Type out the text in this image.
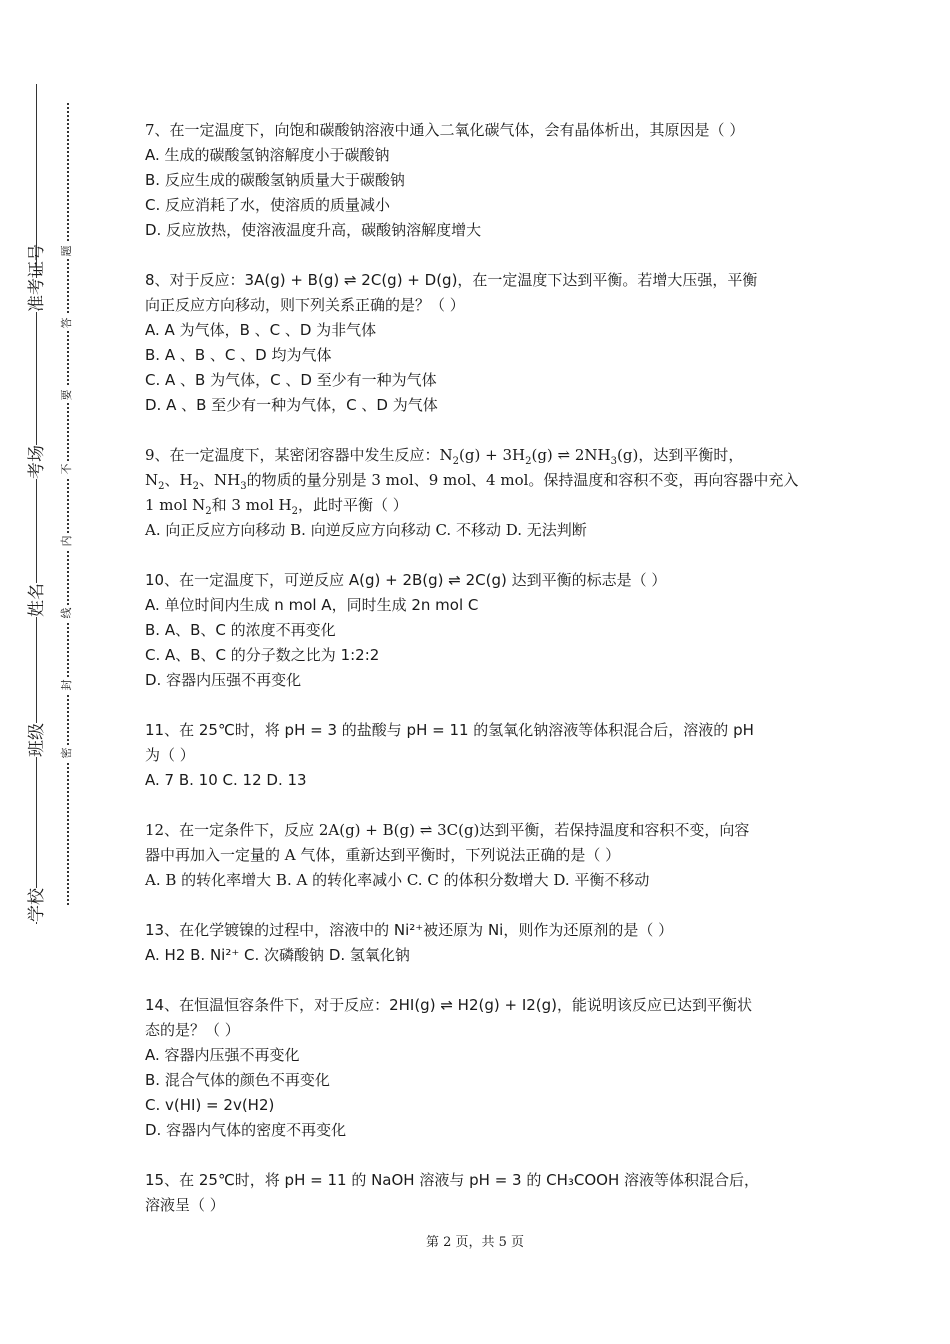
学校
班级
姓名
考场
准考证号
密
封
线
内
不
要
答
题

7、在一定温度下，向饱和碳酸钠溶液中通入二氧化碳气体，会有晶体析出，其原因是（ ）

A. 生成的碳酸氢钠溶解度小于碳酸钠

B. 反应生成的碳酸氢钠质量大于碳酸钠

C. 反应消耗了水，使溶质的质量减小

D. 反应放热，使溶液温度升高，碳酸钠溶解度增大

8、对于反应：3A(g) + B(g) ⇌ 2C(g) + D(g)，在一定温度下达到平衡。若增大压强，平衡

向正反应方向移动，则下列关系正确的是？（ ）

A. A 为气体，B 、C 、D 为非气体

B. A 、B 、C 、D 均为气体

C. A 、B 为气体，C 、D 至少有一种为气体

D. A 、B 至少有一种为气体，C 、D 为气体

9、在一定温度下，某密闭容器中发生反应：$N_2(g) + 3H_2(g)$ ⇌ $2NH_3(g)$，达到平衡时，

$N_2$、$H_2$、$NH_3$的物质的量分别是 3 mol、9 mol、4 mol。保持温度和容积不变，再向容器中充入

1 mol $N_2$和 3 mol $H_2$，此时平衡（ ）

A. 向正反应方向移动 B. 向逆反应方向移动 C. 不移动 D. 无法判断

10、在一定温度下，可逆反应 A(g) + 2B(g) ⇌ 2C(g) 达到平衡的标志是（ ）

A. 单位时间内生成 n mol A，同时生成 2n mol C

B. A、B、C 的浓度不再变化

C. A、B、C 的分子数之比为 1:2:2

D. 容器内压强不再变化

11、在 25℃时，将 pH = 3 的盐酸与 pH = 11 的氢氧化钠溶液等体积混合后，溶液的 pH

为（ ）

A. 7 B. 10 C. 12 D. 13

12、在一定条件下，反应 2A(g) + B(g) ⇌ 3C(g)达到平衡，若保持温度和容积不变，向容

器中再加入一定量的 A 气体，重新达到平衡时，下列说法正确的是（ ）

A. B 的转化率增大 B. A 的转化率减小 C. C 的体积分数增大 D. 平衡不移动

13、在化学镀镍的过程中，溶液中的 Ni²⁺被还原为 Ni，则作为还原剂的是（ ）

A. H2 B. Ni²⁺ C. 次磷酸钠 D. 氢氧化钠

14、在恒温恒容条件下，对于反应：2HI(g) ⇌ H2(g) + I2(g)，能说明该反应已达到平衡状

态的是？（ ）

A. 容器内压强不再变化

B. 混合气体的颜色不再变化

C. v(HI) = 2v(H2)

D. 容器内气体的密度不再变化

15、在 25℃时，将 pH = 11 的 NaOH 溶液与 pH = 3 的 CH₃COOH 溶液等体积混合后，

溶液呈（ ）

第 2 页，共 5 页
